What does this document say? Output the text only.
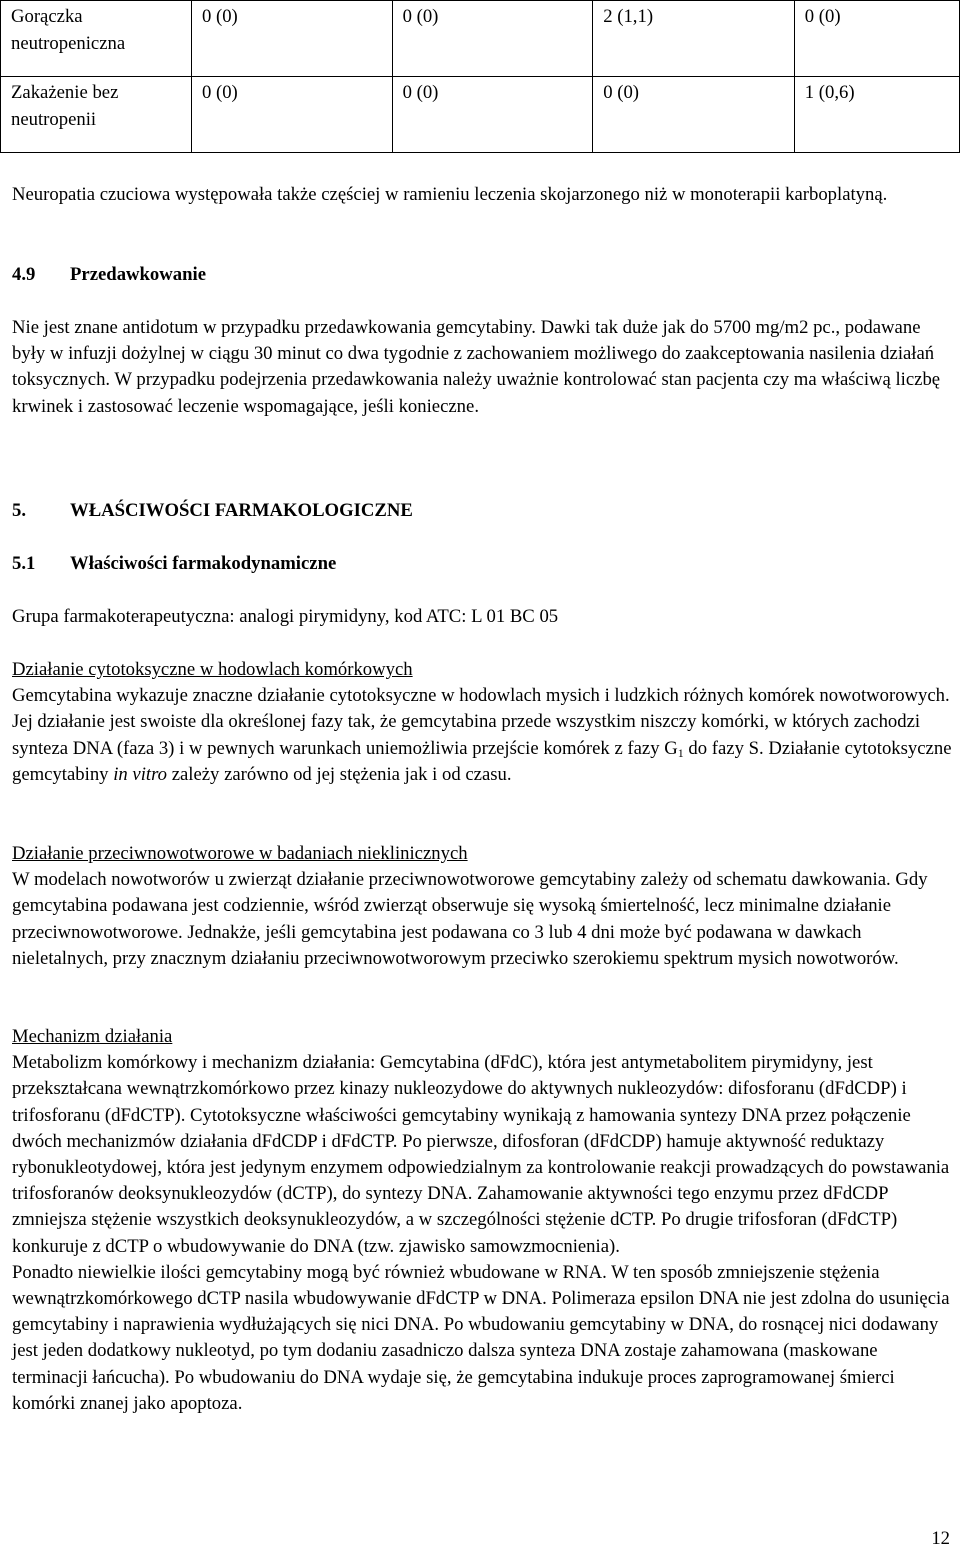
Gorączka neutropeniczna	0 (0)	0 (0)	2 (1,1)	0 (0)
Zakażenie bez neutropenii	0 (0)	0 (0)	0 (0)	1 (0,6)
Neuropatia czuciowa występowała także częściej w ramieniu leczenia skojarzonego niż w monoterapii karboplatyną.
4.9 Przedawkowanie
Nie jest znane antidotum w przypadku przedawkowania gemcytabiny. Dawki tak duże jak do 5700 mg/m2 pc., podawane były w infuzji dożylnej w ciągu 30 minut co dwa tygodnie z zachowaniem możliwego do zaakceptowania nasilenia działań toksycznych. W przypadku podejrzenia przedawkowania należy uważnie kontrolować stan pacjenta czy ma właściwą liczbę krwinek i zastosować leczenie wspomagające, jeśli konieczne.
5. WŁAŚCIWOŚCI FARMAKOLOGICZNE
5.1 Właściwości farmakodynamiczne
Grupa farmakoterapeutyczna: analogi pirymidyny, kod ATC: L 01 BC 05
Działanie cytotoksyczne w hodowlach komórkowych
Gemcytabina wykazuje znaczne działanie cytotoksyczne w hodowlach mysich i ludzkich różnych komórek nowotworowych. Jej działanie jest swoiste dla określonej fazy tak, że gemcytabina przede wszystkim niszczy komórki, w których zachodzi synteza DNA (faza 3) i w pewnych warunkach uniemożliwia przejście komórek z fazy $G_1$ do fazy S. Działanie cytotoksyczne gemcytabiny in vitro zależy zarówno od jej stężenia jak i od czasu.
Działanie przeciwnowotworowe w badaniach nieklinicznych
W modelach nowotworów u zwierząt działanie przeciwnowotworowe gemcytabiny zależy od schematu dawkowania. Gdy gemcytabina podawana jest codziennie, wśród zwierząt obserwuje się wysoką śmiertelność, lecz minimalne działanie przeciwnowotworowe. Jednakże, jeśli gemcytabina jest podawana co 3 lub 4 dni może być podawana w dawkach nieletalnych, przy znacznym działaniu przeciwnowotworowym przeciwko szerokiemu spektrum mysich nowotworów.
Mechanizm działania
Metabolizm komórkowy i mechanizm działania: Gemcytabina (dFdC), która jest antymetabolitem pirymidyny, jest przekształcana wewnątrzkomórkowo przez kinazy nukleozydowe do aktywnych nukleozydów: difosforanu (dFdCDP) i trifosforanu (dFdCTP). Cytotoksyczne właściwości gemcytabiny wynikają z hamowania syntezy DNA przez połączenie dwóch mechanizmów działania dFdCDP i dFdCTP. Po pierwsze, difosforan (dFdCDP) hamuje aktywność reduktazy rybonukleotydowej, która jest jedynym enzymem odpowiedzialnym za kontrolowanie reakcji prowadzących do powstawania trifosforanów deoksynukleozydów (dCTP), do syntezy DNA. Zahamowanie aktywności tego enzymu przez dFdCDP zmniejsza stężenie wszystkich deoksynukleozydów, a w szczególności stężenie dCTP. Po drugie trifosforan (dFdCTP) konkuruje z dCTP o wbudowywanie do DNA (tzw. zjawisko samowzmocnienia).
Ponadto niewielkie ilości gemcytabiny mogą być również wbudowane w RNA. W ten sposób zmniejszenie stężenia wewnątrzkomórkowego dCTP nasila wbudowywanie dFdCTP w DNA. Polimeraza epsilon DNA nie jest zdolna do usunięcia gemcytabiny i naprawienia wydłużających się nici DNA. Po wbudowaniu gemcytabiny w DNA, do rosnącej nici dodawany jest jeden dodatkowy nukleotyd, po tym dodaniu zasadniczo dalsza synteza DNA zostaje zahamowana (maskowane terminacji łańcucha). Po wbudowaniu do DNA wydaje się, że gemcytabina indukuje proces zaprogramowanej śmierci komórki znanej jako apoptoza.
12
